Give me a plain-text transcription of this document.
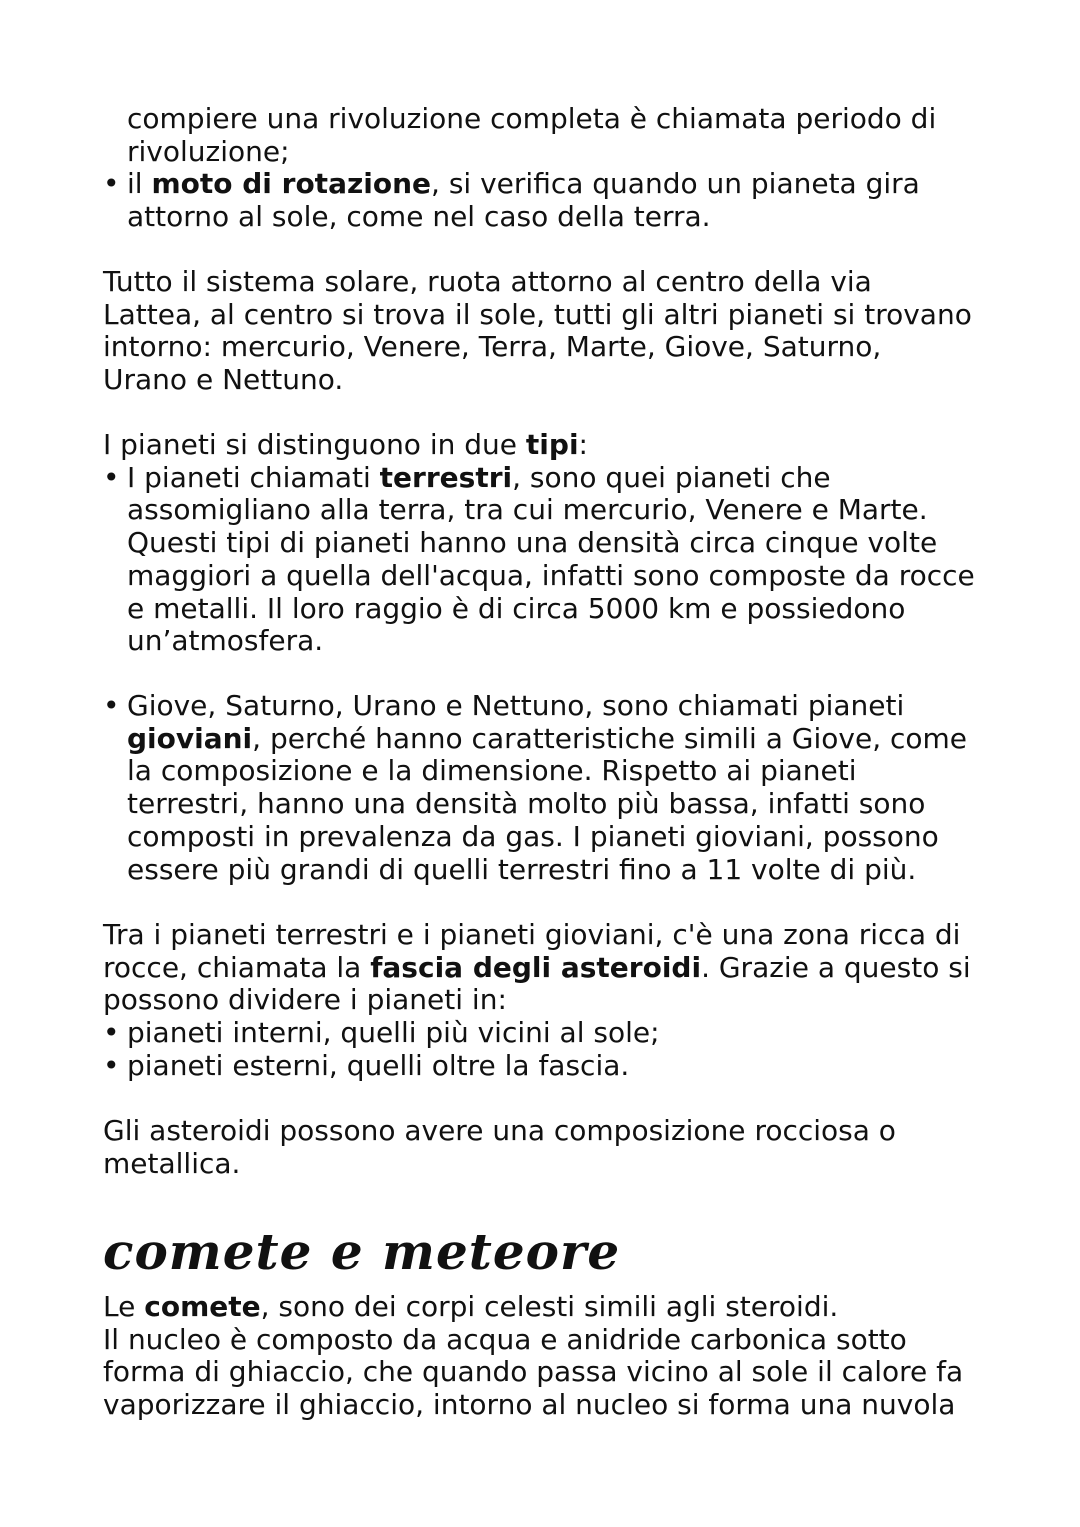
compiere una rivoluzione completa è chiamata periodo di
rivoluzione;
• il moto di rotazione, si verifica quando un pianeta gira
attorno al sole, come nel caso della terra.
Tutto il sistema solare, ruota attorno al centro della via
Lattea, al centro si trova il sole, tutti gli altri pianeti si trovano
intorno: mercurio, Venere, Terra, Marte, Giove, Saturno,
Urano e Nettuno.
I pianeti si distinguono in due tipi:
• I pianeti chiamati terrestri, sono quei pianeti che
assomigliano alla terra, tra cui mercurio, Venere e Marte.
Questi tipi di pianeti hanno una densità circa cinque volte
maggiori a quella dell'acqua, infatti sono composte da rocce
e metalli. Il loro raggio è di circa 5000 km e possiedono
un’atmosfera.
• Giove, Saturno, Urano e Nettuno, sono chiamati pianeti
gioviani, perché hanno caratteristiche simili a Giove, come
la composizione e la dimensione. Rispetto ai pianeti
terrestri, hanno una densità molto più bassa, infatti sono
composti in prevalenza da gas. I pianeti gioviani, possono
essere più grandi di quelli terrestri fino a 11 volte di più.
Tra i pianeti terrestri e i pianeti gioviani, c'è una zona ricca di
rocce, chiamata la fascia degli asteroidi. Grazie a questo si
possono dividere i pianeti in:
• pianeti interni, quelli più vicini al sole;
• pianeti esterni, quelli oltre la fascia.
Gli asteroidi possono avere una composizione rocciosa o
metallica.
comete e meteore
Le comete, sono dei corpi celesti simili agli steroidi.
Il nucleo è composto da acqua e anidride carbonica sotto
forma di ghiaccio, che quando passa vicino al sole il calore fa
vaporizzare il ghiaccio, intorno al nucleo si forma una nuvola
